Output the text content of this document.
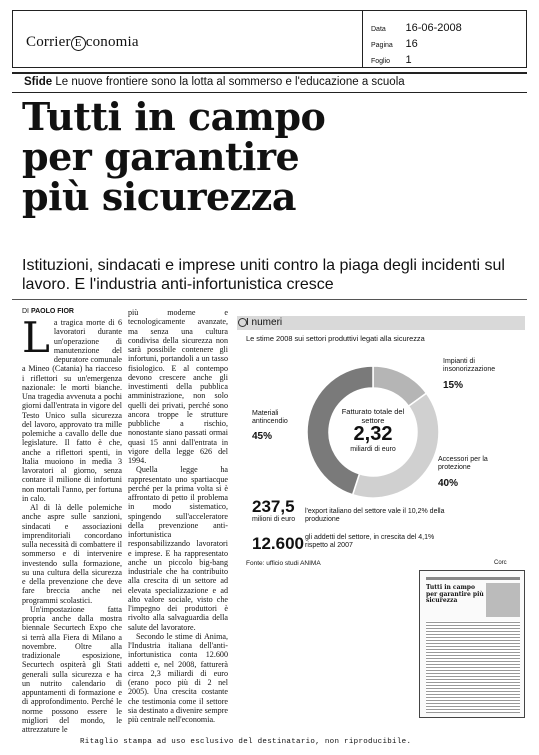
Corrier E conomia
Data 16-06-2008
Pagina 16
Foglio 1
Sfide Le nuove frontiere sono la lotta al sommerso e l'educazione a scuola
Tutti in campo
per garantire
più sicurezza
Istituzioni, sindacati e imprese uniti contro la piaga degli incidenti sul lavoro. E l'industria anti-infortunistica cresce
DI PAOLO FIOR
L a tragica morte di 6 lavoratori durante un'operazione di manutenzione del depuratore comunale a Mineo (Catania) ha riacceso i riflettori su un'emergenza nazionale: le morti bianche. Una tragedia avvenuta a pochi giorni dall'entrata in vigore del Testo Unico sulla sicurezza del lavoro, approvato tra mille polemiche a cavallo delle due legislature. Il fatto è che, anche a riflettori spenti, in Italia muoiono in media 3 lavoratori al giorno, senza contare il milione di infortuni non mortali l'anno, per fortuna in calo.

Al di là delle polemiche anche aspre sulle sanzioni, sindacati e associazioni imprenditoriali concordano sulla necessità di combattere il sommerso e di intervenire investendo sulla formazione, su una cultura della sicurezza e della prevenzione che deve fare breccia anche nei programmi scolastici.

Un'impostazione fatta propria anche dalla mostra biennale Securtech Expo che si terrà alla Fiera di Milano a novembre. Oltre alla tradizionale esposizione, Securtech ospiterà gli Stati generali sulla sicurezza e ha un nutrito calendario di appuntamenti di formazione e di approfondimento. Perché le norme possono essere le migliori del mondo, le attrezzature le

più moderne e tecnologicamente avanzate, ma senza una cultura condivisa della sicurezza non sarà possibile contenere gli infortuni, portandoli a un tasso fisiologico. E al contempo devono crescere anche gli investimenti della pubblica amministrazione, non solo quelli dei privati, perché sono ancora troppe le strutture pubbliche a rischio, nonostante siano passati ormai quasi 15 anni dall'entrata in vigore della legge 626 del 1994.

Quella legge ha rappresentato uno spartiacque perché per la prima volta si è affrontato di petto il problema in modo sistematico, spingendo sull'acceleratore della prevenzione anti-infortunistica responsabilizzando lavoratori e imprese. E ha rappresentato anche un piccolo big-bang industriale che ha contribuito alla crescita di un settore ad elevata specializzazione e ad alto valore sociale, visto che l'impegno dei produttori è rivolto alla salvaguardia della salute del lavoratore.

Secondo le stime di Anima, l'Industria italiana dell'anti-infortunistica conta 12.600 addetti e, nel 2008, fatturerà circa 2,3 miliardi di euro (erano poco più di 2 nel 2005). Una crescita costante che testimonia come il settore sia destinato a divenire sempre più centrale nell'economia.

I numeri
Le stime 2008 sui settori produttivi legati alla sicurezza
Fatturato totale del settore
2,32
miliardi di euro
Impianti di insonorizzazione
15%
Accessori per la protezione
40%
Materiali antincendio
45%
237,5
milioni di euro
l'export italiano del settore vale il 10,2% della produzione
12.600 gli addetti del settore, in crescita del 4,1% rispetto al 2007
Fonte: ufficio studi ANIMA	Corc
Tutti in campo per garantire più sicurezza
Ritaglio stampa ad uso esclusivo del destinatario, non riproducibile.
